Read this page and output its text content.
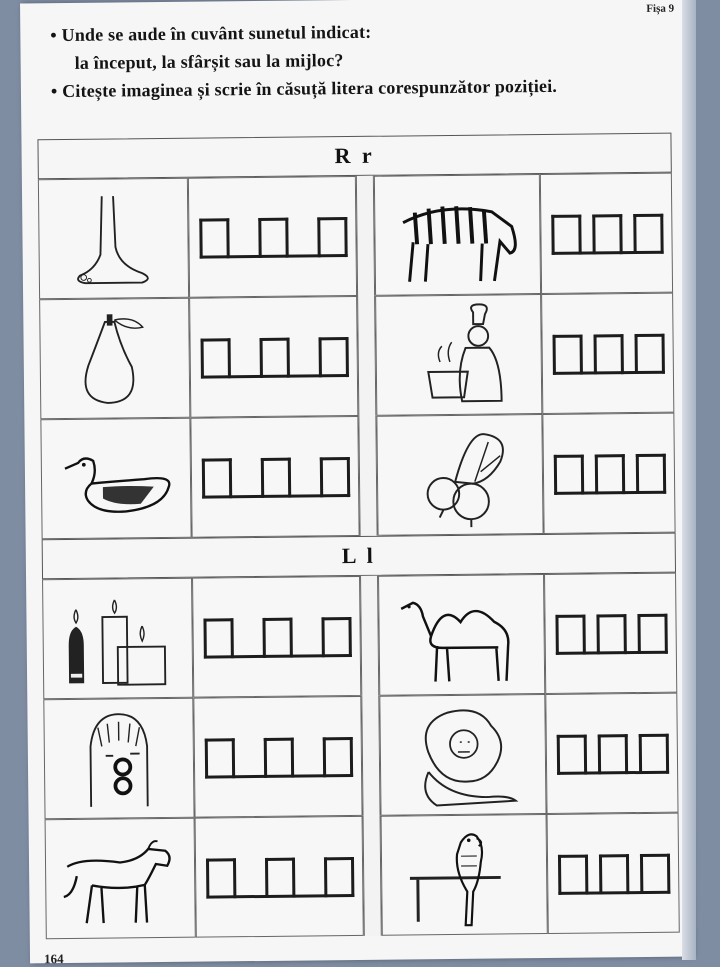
Fișa 9
• Unde se aude în cuvânt sunetul indicat:
la început, la sfârșit sau la mijloc?
• Citește imaginea și scrie în căsuță litera corespunzător poziției.
R r
L l
164
